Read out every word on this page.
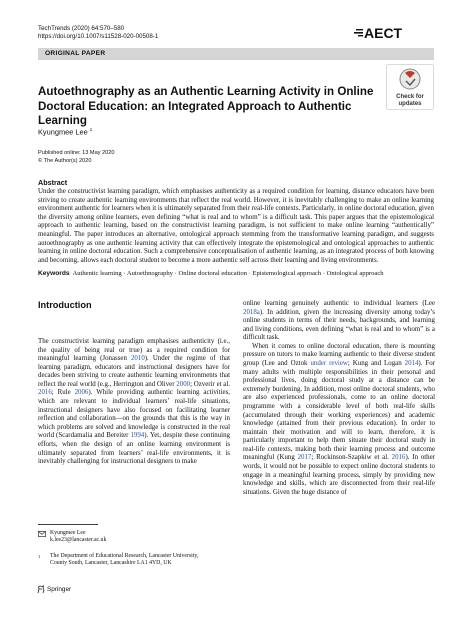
TechTrends (2020) 64:570–580
https://doi.org/10.1007/s11528-020-00508-1	AECT
ORIGINAL PAPER
Check for
updates
Autoethnography as an Authentic Learning Activity in Online Doctoral Education: an Integrated Approach to Authentic Learning
Kyungmee Lee $^1$
Published online: 13 May 2020
© The Author(s) 2020
Abstract
Under the constructivist learning paradigm, which emphasises authenticity as a required condition for learning, distance educators have been striving to create authentic learning environments that reflect the real world. However, it is inevitably challenging to make an online learning environment authentic for learners when it is ultimately separated from their real-life contexts. Particularly, in online doctoral education, given the diversity among online learners, even defining “what is real and to whom” is a difficult task. This paper argues that the epistemological approach to authentic learning, based on the constructivist learning paradigm, is not sufficient to make online learning “authentically” meaningful. The paper introduces an alternative, ontological approach stemming from the transformative learning paradigm, and suggests autoethnography as one authentic learning activity that can effectively integrate the epistemological and ontological approaches to authentic learning in online doctoral education. Such a comprehensive conceptualisation of authentic learning, as an integrated process of both knowing and becoming, allows each doctoral student to become a more authentic self across their learning and living environments.
Keywords Authentic learning · Autoethnography · Online doctoral education · Epistemological approach · Ontological approach
Introduction

The constructivist learning paradigm emphasises authenticity (i.e., the quality of being real or true) as a required condition for meaningful learning (Jonassen 2010). Under the regime of that learning paradigm, educators and instructional designers have for decades been striving to create authentic learning environments that reflect the real world (e.g., Herrington and Oliver 2000; Ozverir et al. 2016; Rule 2006). While providing authentic learning activities, which are relevant to individual learners’ real-life situations, instructional designers have also focused on facilitating learner reflection and collaboration—on the grounds that this is the way in which problems are solved and knowledge is constructed in the real world (Scardamalia and Bereiter 1994). Yet, despite these continuing efforts, when the design of an online learning environment is ultimately separated from learners’ real-life environments, it is inevitably challenging for instructional designers to make

online learning genuinely authentic to individual learners (Lee 2018a). In addition, given the increasing diversity among today’s online students in terms of their needs, backgrounds, and learning and living conditions, even defining “what is real and to whom” is a difficult task.

When it comes to online doctoral education, there is mounting pressure on tutors to make learning authentic to their diverse student group (Lee and Oztok under review; Kung and Logan 2014). For many adults with multiple responsibilities in their personal and professional lives, doing doctoral study at a distance can be extremely burdening. In addition, most online doctoral students, who are also experienced professionals, come to an online doctoral programme with a considerable level of both real-life skills (accumulated through their working experiences) and academic knowledge (attained from their previous education). In order to maintain their motivation and will to learn, therefore, it is particularly important to help them situate their doctoral study in real-life contexts, making both their learning process and outcome meaningful (Kung 2017; Rockinson-Szapkiw et al. 2016). In other words, it would not be possible to expect online doctoral students to engage in a meaningful learning process, simply by providing new knowledge and skills, which are disconnected from their real-life situations. Given the huge distance of

Kyungmee Lee
k.lee23@lancaster.ac.uk
1 The Department of Educational Research, Lancaster University,
County South, Lancaster, Lancashire LA1 4YD, UK
Springer
